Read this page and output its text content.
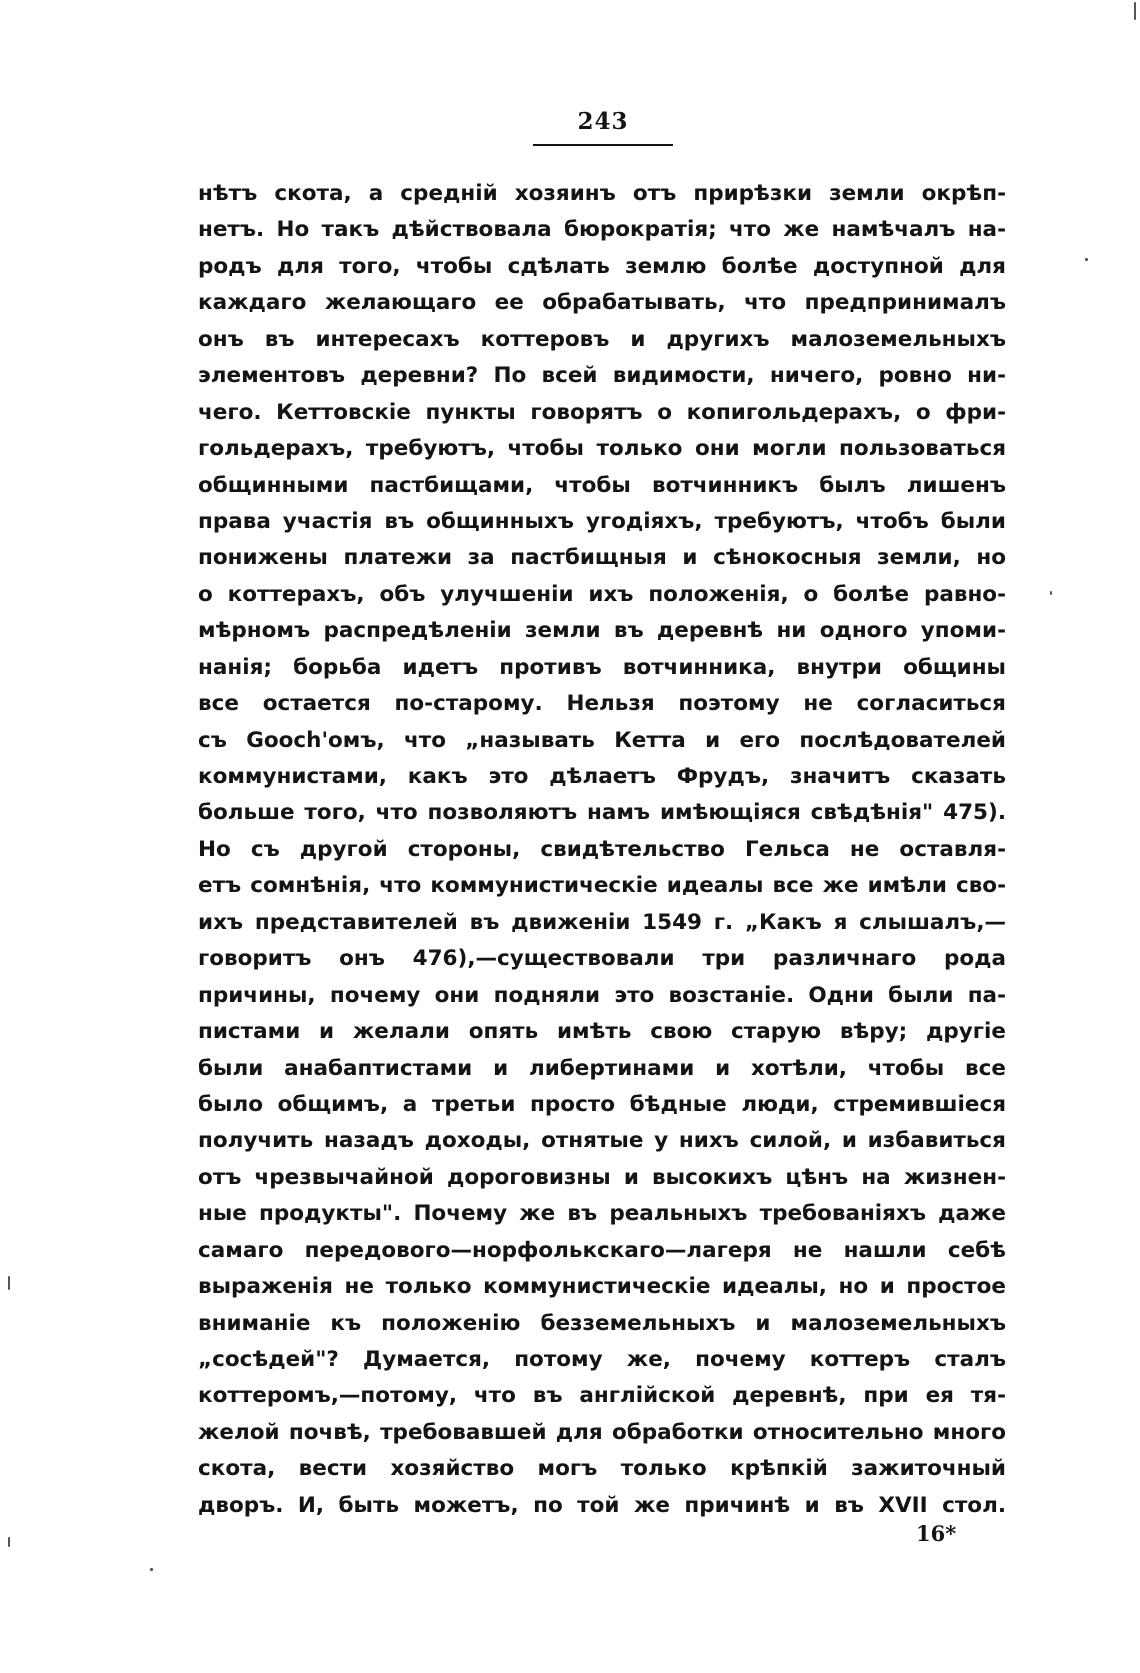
243
нѣтъ скота, а среднiй хозяинъ отъ прирѣзки земли окрѣп-
нетъ. Но такъ дѣйствовала бюрократiя; что же намѣчалъ на-
родъ для того, чтобы сдѣлать землю болѣе доступной для
каждаго желающаго ее обрабатывать, что предпринималъ
онъ въ интересахъ коттеровъ и другихъ малоземельныхъ
элементовъ деревни? По всей видимости, ничего, ровно ни-
чего. Кеттовскiе пункты говорятъ о копигольдерахъ, о фри-
гольдерахъ, требуютъ, чтобы только они могли пользоваться
общинными пастбищами, чтобы вотчинникъ былъ лишенъ
права участiя въ общинныхъ угодiяхъ, требуютъ, чтобъ были
понижены платежи за пастбищныя и сѣнокосныя земли, но
о коттерахъ, объ улучшенiи ихъ положенiя, о болѣе равно-
мѣрномъ распредѣленiи земли въ деревнѣ ни одного упоми-
нанiя; борьба идетъ противъ вотчинника, внутри общины
все остается по-старому. Нельзя поэтому не согласиться
съ Gooch'омъ, что „называть Кетта и его послѣдователей
коммунистами, какъ это дѣлаетъ Фрудъ, значитъ сказать
больше того, что позволяютъ намъ имѣющiяся свѣдѣнiя" 475).
Но съ другой стороны, свидѣтельство Гельса не оставля-
етъ сомнѣнiя, что коммунистическiе идеалы все же имѣли сво-
ихъ представителей въ движенiи 1549 г. „Какъ я слышалъ,—
говоритъ онъ 476),—существовали три различнаго рода
причины, почему они подняли это возстанiе. Одни были па-
пистами и желали опять имѣть свою старую вѣру; другiе
были анабаптистами и либертинами и хотѣли, чтобы все
было общимъ, а третьи просто бѣдные люди, стремившiеся
получить назадъ доходы, отнятые у нихъ силой, и избавиться
отъ чрезвычайной дороговизны и высокихъ цѣнъ на жизнен-
ные продукты". Почему же въ реальныхъ требованiяхъ даже
самаго передового—норфолькскаго—лагеря не нашли себѣ
выраженiя не только коммунистическiе идеалы, но и простое
вниманiе къ положенiю безземельныхъ и малоземельныхъ
„сосѣдей"? Думается, потому же, почему коттеръ сталъ
коттеромъ,—потому, что въ англiйской деревнѣ, при ея тя-
желой почвѣ, требовавшей для обработки относительно много
скота, вести хозяйство могъ только крѣпкiй зажиточный
дворъ. И, быть можетъ, по той же причинѣ и въ XVII стол.
16*
